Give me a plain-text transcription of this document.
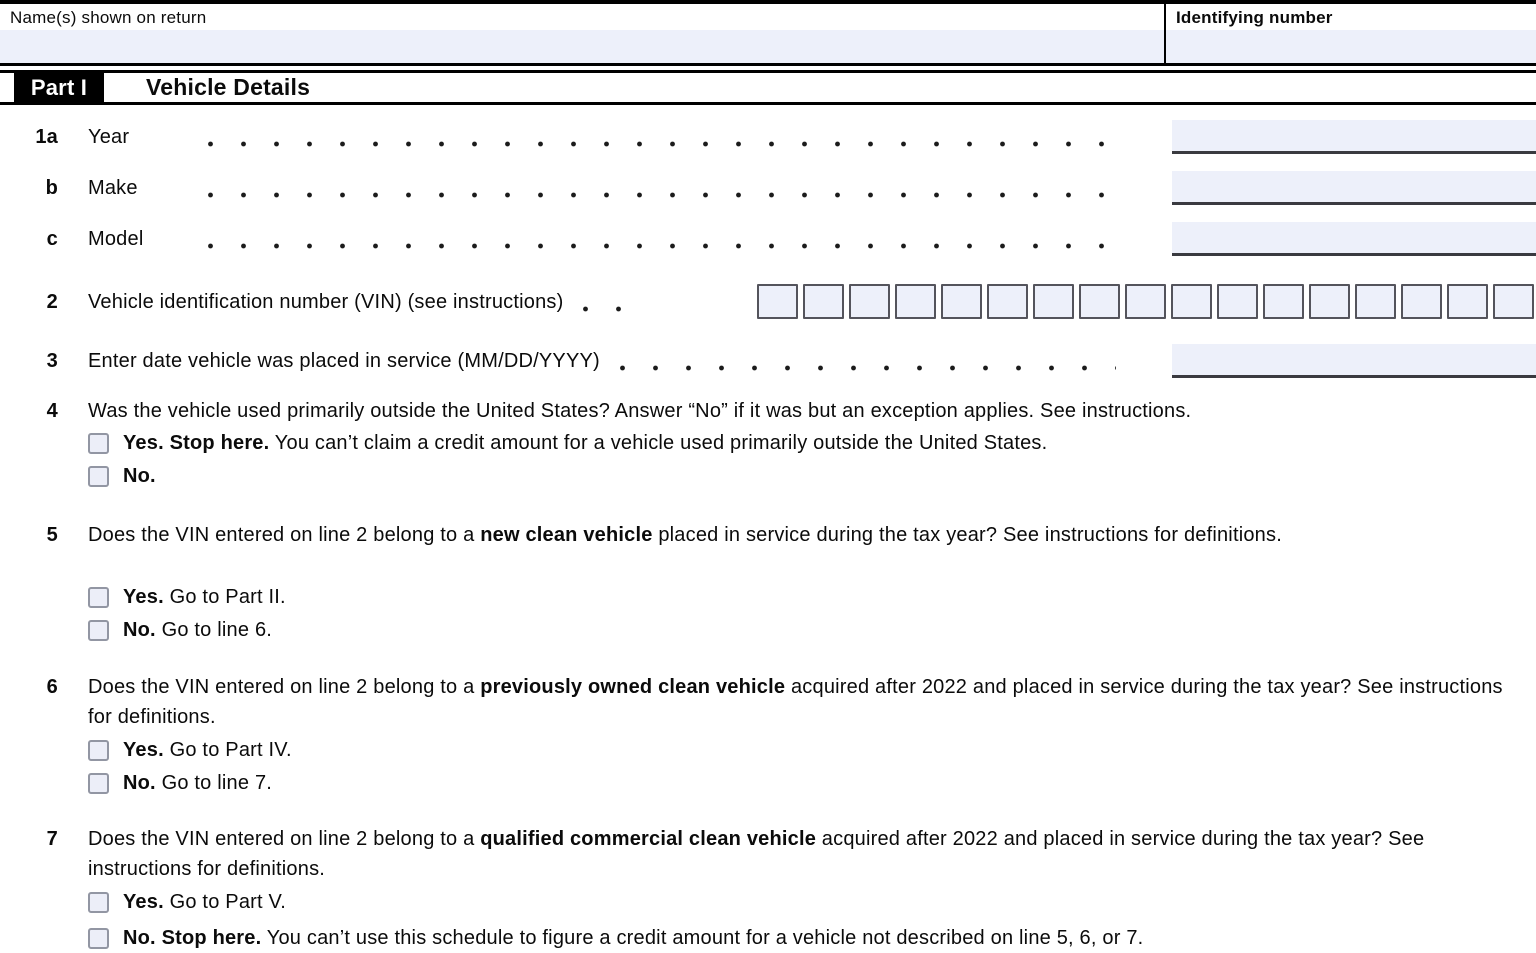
Name(s) shown on return	Identifying number
Part I	Vehicle Details
1a Year
b Make
c Model
2 Vehicle identification number (VIN) (see instructions)
3 Enter date vehicle was placed in service (MM/DD/YYYY)
4 Was the vehicle used primarily outside the United States? Answer “No” if it was but an exception applies. See instructions.
Yes. Stop here. You can’t claim a credit amount for a vehicle used primarily outside the United States.
No.
5 Does the VIN entered on line 2 belong to a new clean vehicle placed in service during the tax year? See instructions for definitions.
Yes. Go to Part II.
No. Go to line 6.
6 Does the VIN entered on line 2 belong to a previously owned clean vehicle acquired after 2022 and placed in service during the tax year? See instructions for definitions.
Yes. Go to Part IV.
No. Go to line 7.
7 Does the VIN entered on line 2 belong to a qualified commercial clean vehicle acquired after 2022 and placed in service during the tax year? See instructions for definitions.
Yes. Go to Part V.
No. Stop here. You can’t use this schedule to figure a credit amount for a vehicle not described on line 5, 6, or 7.
